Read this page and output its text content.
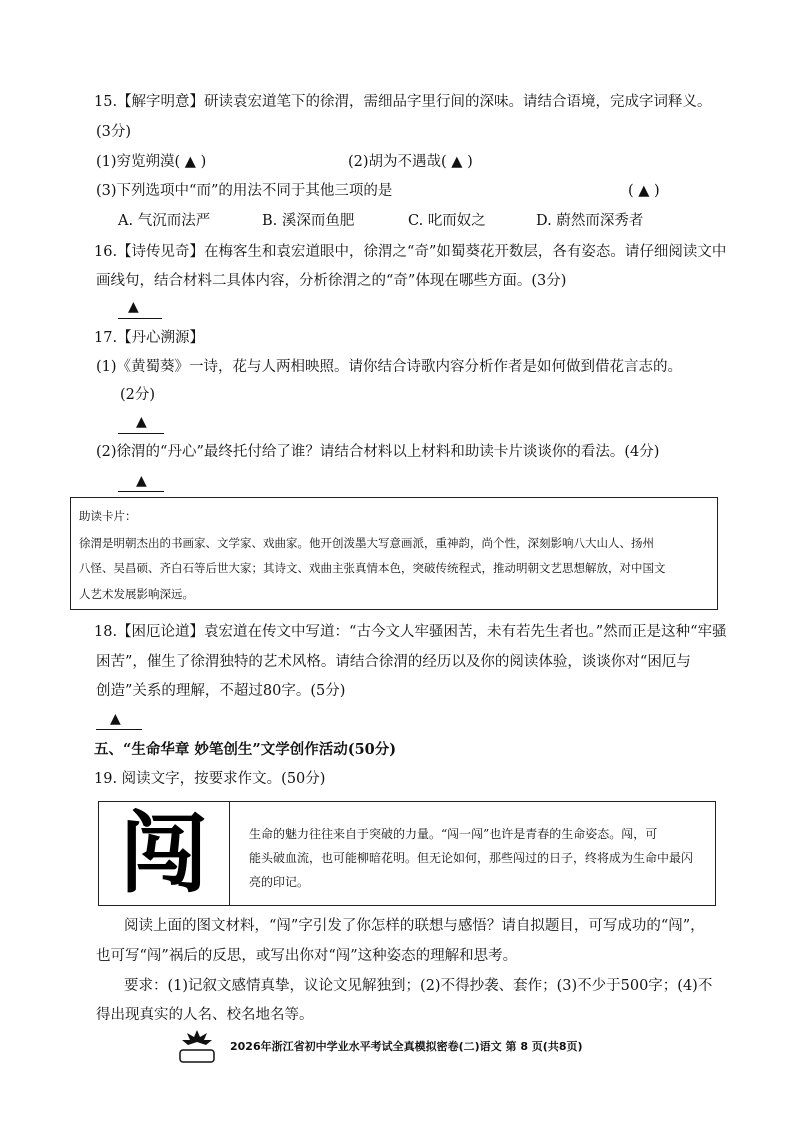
15.【解字明意】研读袁宏道笔下的徐渭，需细品字里行间的深味。请结合语境，完成字词释义。
(3分)
(1)穷览朔漠( ▲ )	(2)胡为不遇哉( ▲ )
(3)下列选项中“而”的用法不同于其他三项的是	( ▲ )
A. 气沉而法严	B. 溪深而鱼肥	C. 叱而奴之	D. 蔚然而深秀者
16.【诗传见奇】在梅客生和袁宏道眼中，徐渭之“奇”如蜀葵花开数层，各有姿态。请仔细阅读文中
画线句，结合材料二具体内容，分析徐渭之的“奇”体现在哪些方面。(3分)
▲
17.【丹心溯源】
(1)《黄蜀葵》一诗，花与人两相映照。请你结合诗歌内容分析作者是如何做到借花言志的。
(2分)
▲
(2)徐渭的“丹心”最终托付给了谁？请结合材料以上材料和助读卡片谈谈你的看法。(4分)
▲
助读卡片：
徐渭是明朝杰出的书画家、文学家、戏曲家。他开创泼墨大写意画派，重神韵，尚个性，深刻影响八大山人、扬州
八怪、吴昌硕、齐白石等后世大家；其诗文、戏曲主张真情本色，突破传统程式，推动明朝文艺思想解放，对中国文
人艺术发展影响深远。
18.【困厄论道】袁宏道在传文中写道：“古今文人牢骚困苦，未有若先生者也。”然而正是这种“牢骚
困苦”，催生了徐渭独特的艺术风格。请结合徐渭的经历以及你的阅读体验，谈谈你对“困厄与
创造”关系的理解，不超过80字。(5分)
▲
五、“生命华章 妙笔创生”文学创作活动(50分)
19. 阅读文字，按要求作文。(50分)
闯	生命的魅力往往来自于突破的力量。“闯一闯”也许是青春的生命姿态。闯，可
能头破血流，也可能柳暗花明。但无论如何，那些闯过的日子，终将成为生命中最闪
亮的印记。
阅读上面的图文材料，“闯”字引发了你怎样的联想与感悟？请自拟题目，可写成功的“闯”，
也可写“闯”祸后的反思，或写出你对“闯”这种姿态的理解和思考。
要求：(1)记叙文感情真挚，议论文见解独到；(2)不得抄袭、套作；(3)不少于500字；(4)不
得出现真实的人名、校名地名等。
2026年浙江省初中学业水平考试全真模拟密卷(二)语文 第 8 页(共8页)
